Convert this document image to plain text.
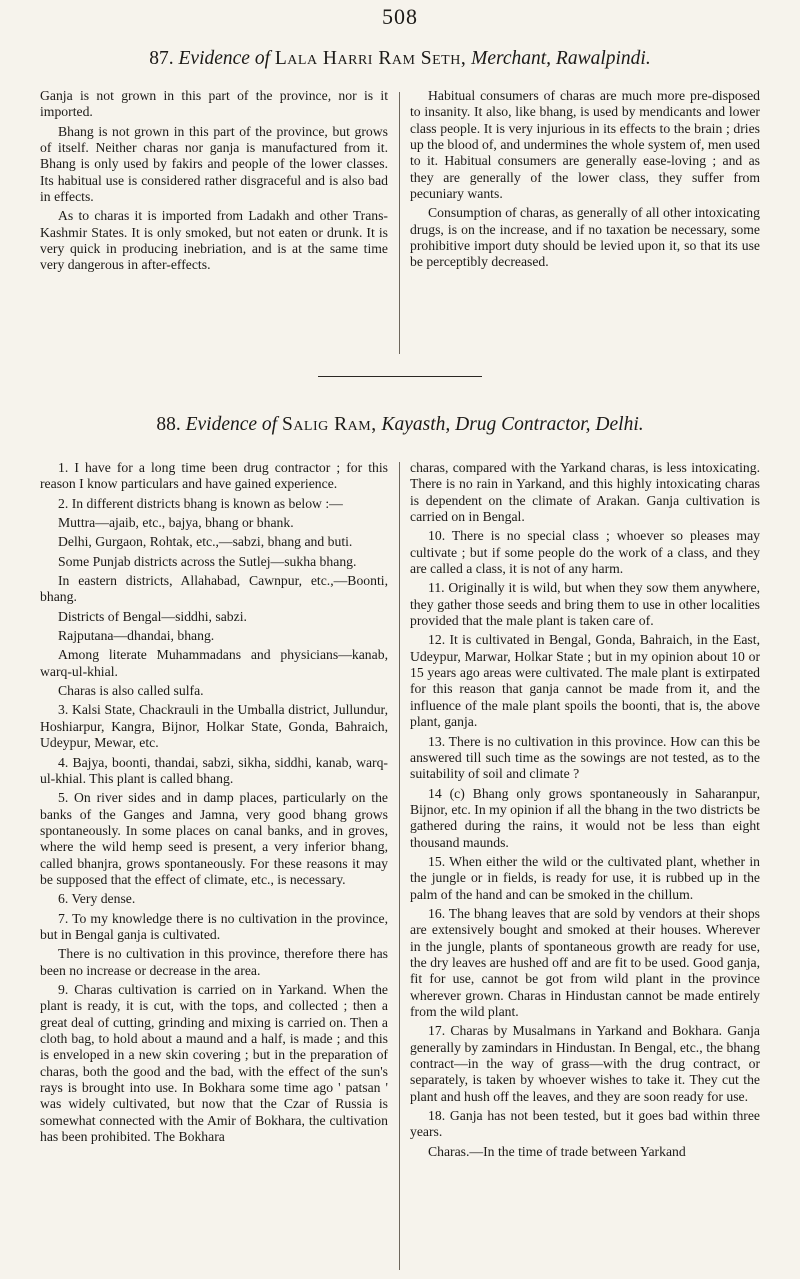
508
87. Evidence of Lala Harri Ram Seth, Merchant, Rawalpindi.

Ganja is not grown in this part of the province, nor is it imported.

Bhang is not grown in this part of the province, but grows of itself. Neither charas nor ganja is manufactured from it. Bhang is only used by fakirs and people of the lower classes. Its habitual use is considered rather disgraceful and is also bad in effects.

As to charas it is imported from Ladakh and other Trans-Kashmir States. It is only smoked, but not eaten or drunk. It is very quick in producing inebriation, and is at the same time very dangerous in after-effects.

Habitual consumers of charas are much more pre-disposed to insanity. It also, like bhang, is used by mendicants and lower class people. It is very injurious in its effects to the brain ; dries up the blood of, and undermines the whole system of, men used to it. Habitual consumers are generally ease-loving ; and as they are generally of the lower class, they suffer from pecuniary wants.

Consumption of charas, as generally of all other intoxicating drugs, is on the increase, and if no taxation be necessary, some prohibitive import duty should be levied upon it, so that its use be perceptibly decreased.

88. Evidence of Salig Ram, Kayasth, Drug Contractor, Delhi.

1. I have for a long time been drug contractor ; for this reason I know particulars and have gained experience.

2. In different districts bhang is known as below :—

Muttra—ajaib, etc., bajya, bhang or bhank.

Delhi, Gurgaon, Rohtak, etc.,—sabzi, bhang and buti.

Some Punjab districts across the Sutlej—sukha bhang.

In eastern districts, Allahabad, Cawnpur, etc.,—Boonti, bhang.

Districts of Bengal—siddhi, sabzi.

Rajputana—dhandai, bhang.

Among literate Muhammadans and physicians—kanab, warq-ul-khial.

Charas is also called sulfa.

3. Kalsi State, Chackrauli in the Umballa district, Jullundur, Hoshiarpur, Kangra, Bijnor, Holkar State, Gonda, Bahraich, Udeypur, Mewar, etc.

4. Bajya, boonti, thandai, sabzi, sikha, siddhi, kanab, warq-ul-khial. This plant is called bhang.

5. On river sides and in damp places, particularly on the banks of the Ganges and Jamna, very good bhang grows spontaneously. In some places on canal banks, and in groves, where the wild hemp seed is present, a very inferior bhang, called bhanjra, grows spontaneously. For these reasons it may be supposed that the effect of climate, etc., is necessary.

6. Very dense.

7. To my knowledge there is no cultivation in the province, but in Bengal ganja is cultivated.

There is no cultivation in this province, therefore there has been no increase or decrease in the area.

9. Charas cultivation is carried on in Yarkand. When the plant is ready, it is cut, with the tops, and collected ; then a great deal of cutting, grinding and mixing is carried on. Then a cloth bag, to hold about a maund and a half, is made ; and this is enveloped in a new skin covering ; but in the preparation of charas, both the good and the bad, with the effect of the sun's rays is brought into use. In Bokhara some time ago ' patsan ' was widely cultivated, but now that the Czar of Russia is somewhat connected with the Amir of Bokhara, the cultivation has been prohibited. The Bokhara

charas, compared with the Yarkand charas, is less intoxicating. There is no rain in Yarkand, and this highly intoxicating charas is dependent on the climate of Arakan. Ganja cultivation is carried on in Bengal.

10. There is no special class ; whoever so pleases may cultivate ; but if some people do the work of a class, and they are called a class, it is not of any harm.

11. Originally it is wild, but when they sow them anywhere, they gather those seeds and bring them to use in other localities provided that the male plant is taken care of.

12. It is cultivated in Bengal, Gonda, Bahraich, in the East, Udeypur, Marwar, Holkar State ; but in my opinion about 10 or 15 years ago areas were cultivated. The male plant is extirpated for this reason that ganja cannot be made from it, and the influence of the male plant spoils the boonti, that is, the above plant, ganja.

13. There is no cultivation in this province. How can this be answered till such time as the sowings are not tested, as to the suitability of soil and climate ?

14 (c) Bhang only grows spontaneously in Saharanpur, Bijnor, etc. In my opinion if all the bhang in the two districts be gathered during the rains, it would not be less than eight thousand maunds.

15. When either the wild or the cultivated plant, whether in the jungle or in fields, is ready for use, it is rubbed up in the palm of the hand and can be smoked in the chillum.

16. The bhang leaves that are sold by vendors at their shops are extensively bought and smoked at their houses. Wherever in the jungle, plants of spontaneous growth are ready for use, the dry leaves are hushed off and are fit to be used. Good ganja, fit for use, cannot be got from wild plant in the province wherever grown. Charas in Hindustan cannot be made entirely from the wild plant.

17. Charas by Musalmans in Yarkand and Bokhara. Ganja generally by zamindars in Hindustan. In Bengal, etc., the bhang contract—in the way of grass—with the drug contract, or separately, is taken by whoever wishes to take it. They cut the plant and hush off the leaves, and they are soon ready for use.

18. Ganja has not been tested, but it goes bad within three years.

Charas.—In the time of trade between Yarkand
